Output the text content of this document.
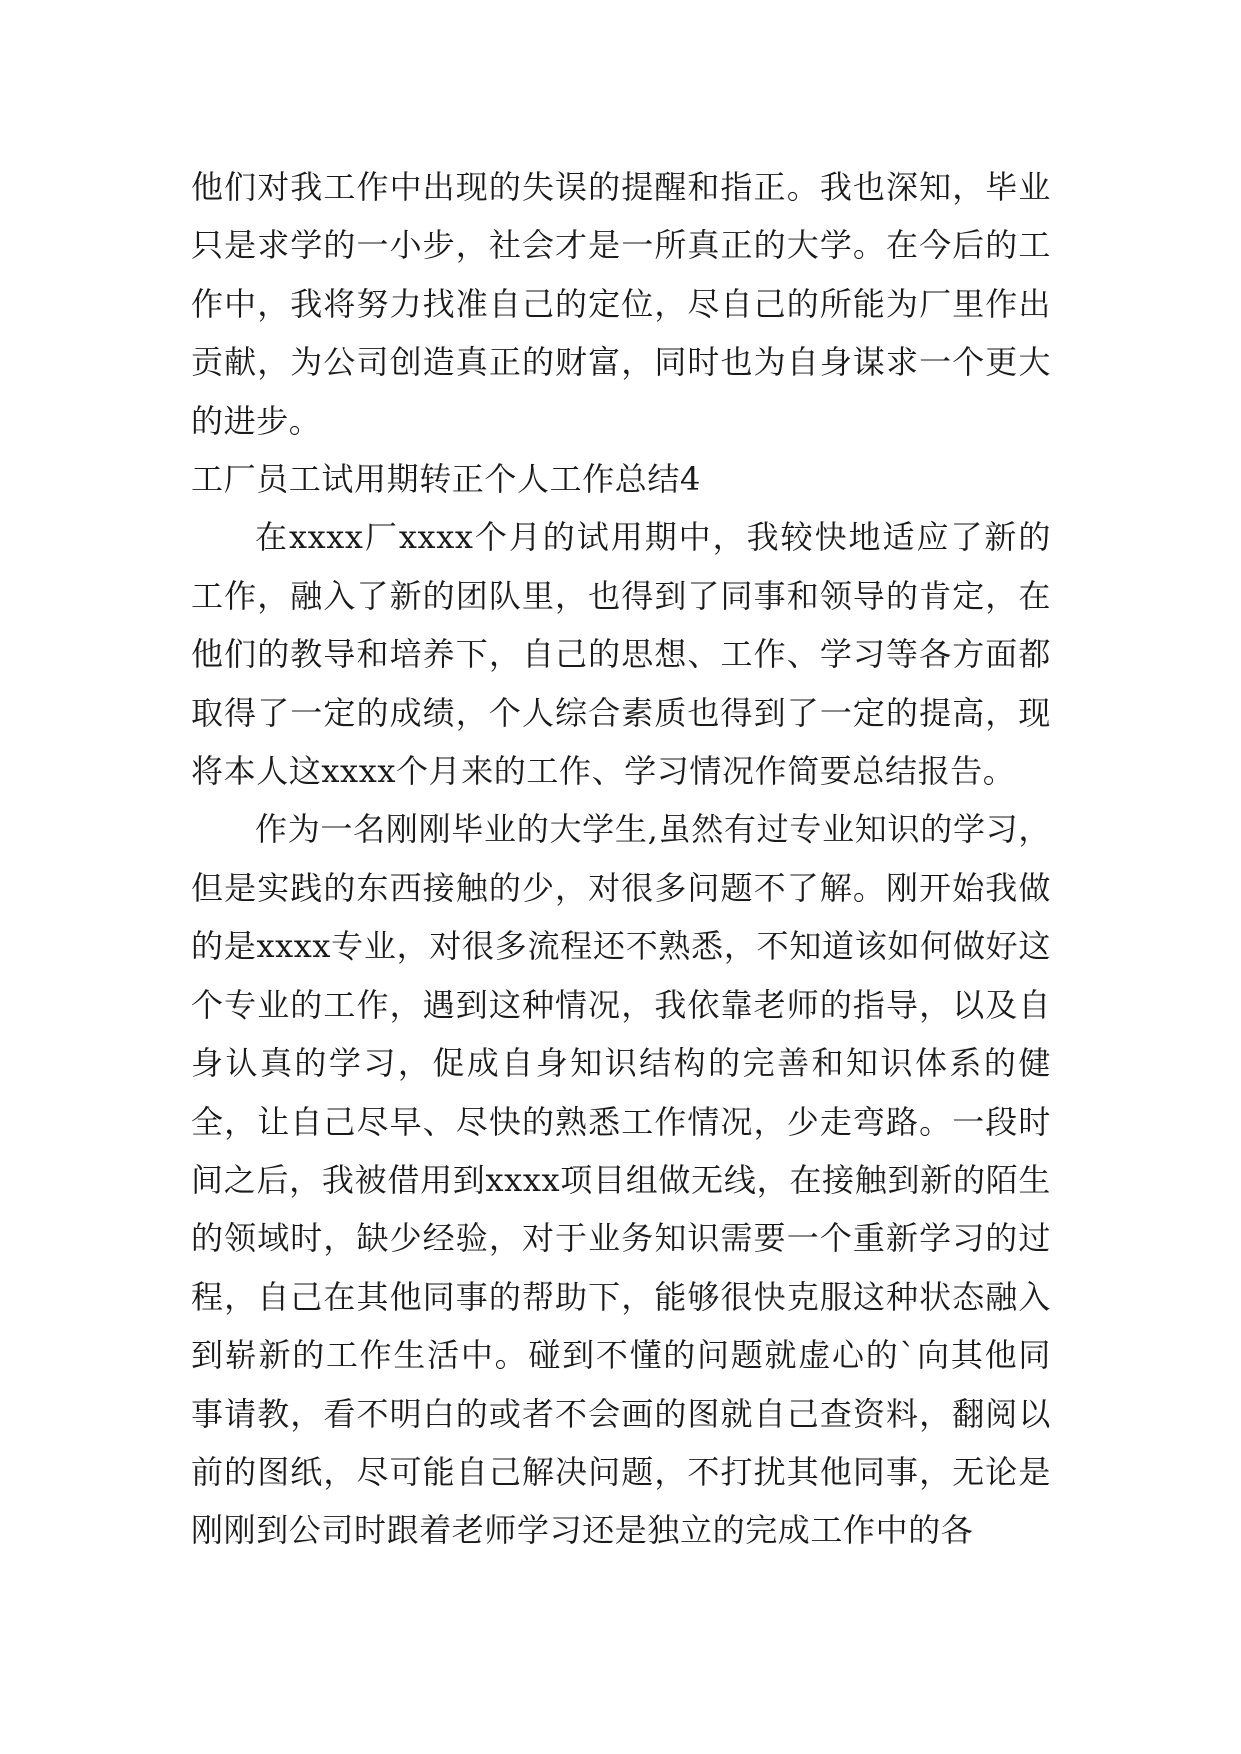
他们对我工作中出现的失误的提醒和指正。我也深知，毕业只是求学的一小步，社会才是一所真正的大学。在今后的工作中，我将努力找准自己的定位，尽自己的所能为厂里作出贡献，为公司创造真正的财富，同时也为自身谋求一个更大的进步。

工厂员工试用期转正个人工作总结4

在xxxx厂xxxx个月的试用期中，我较快地适应了新的工作，融入了新的团队里，也得到了同事和领导的肯定，在他们的教导和培养下，自己的思想、工作、学习等各方面都取得了一定的成绩，个人综合素质也得到了一定的提高，现将本人这xxxx个月来的工作、学习情况作简要总结报告。

作为一名刚刚毕业的大学生,虽然有过专业知识的学习，但是实践的东西接触的少，对很多问题不了解。刚开始我做的是xxxx专业，对很多流程还不熟悉，不知道该如何做好这个专业的工作，遇到这种情况，我依靠老师的指导，以及自身认真的学习，促成自身知识结构的完善和知识体系的健全，让自己尽早、尽快的熟悉工作情况，少走弯路。一段时间之后，我被借用到xxxx项目组做无线，在接触到新的陌生的领域时，缺少经验，对于业务知识需要一个重新学习的过程，自己在其他同事的帮助下，能够很快克服这种状态融入到崭新的工作生活中。碰到不懂的问题就虚心的`向其他同事请教，看不明白的或者不会画的图就自己查资料，翻阅以前的图纸，尽可能自己解决问题，不打扰其他同事，无论是刚刚到公司时跟着老师学习还是独立的完成工作中的各
